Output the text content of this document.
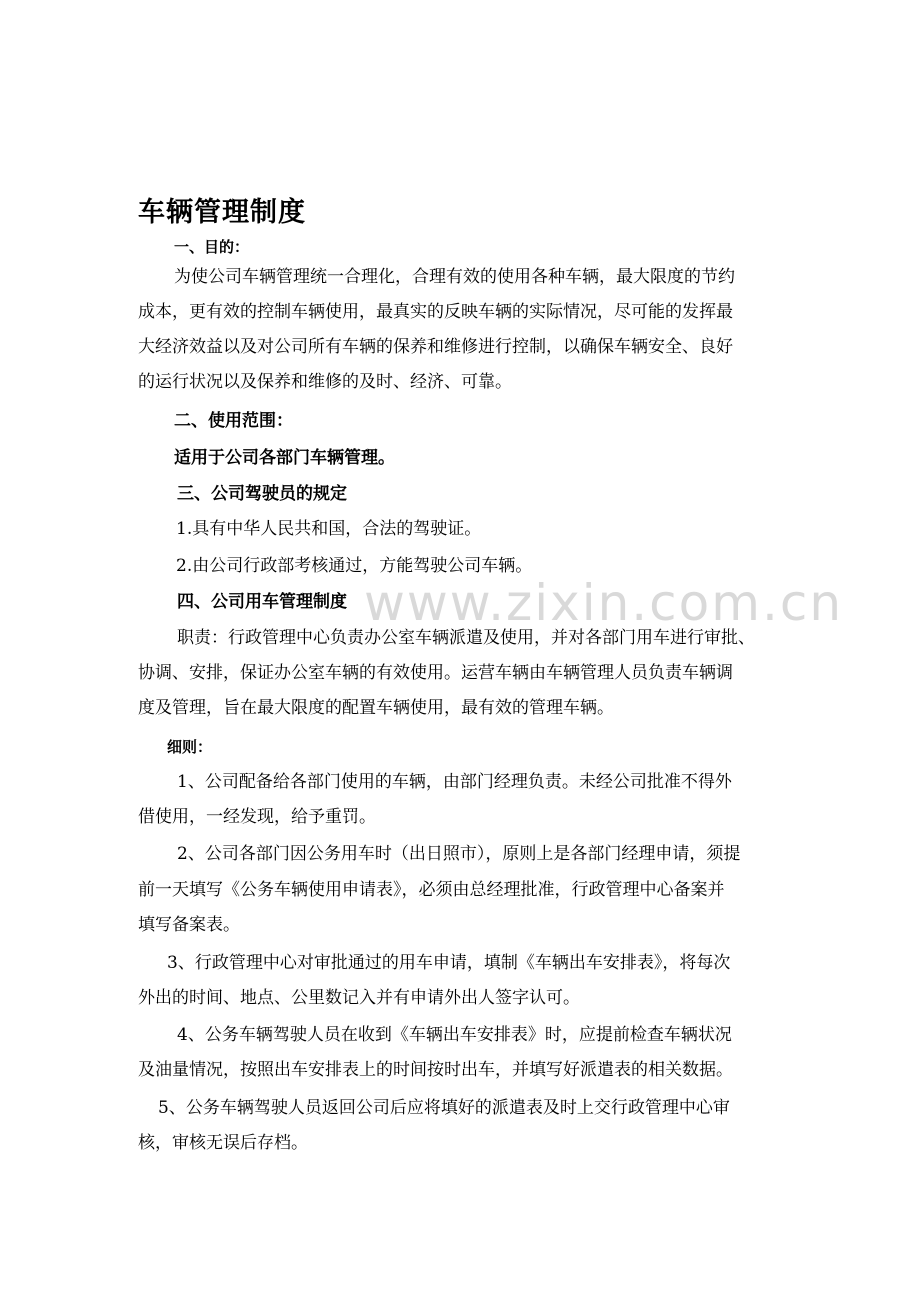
www.zixin.com.cn
车辆管理制度
一、目的：
为使公司车辆管理统一合理化，合理有效的使用各种车辆，最大限度的节约
成本，更有效的控制车辆使用，最真实的反映车辆的实际情况，尽可能的发挥最
大经济效益以及对公司所有车辆的保养和维修进行控制，以确保车辆安全、良好
的运行状况以及保养和维修的及时、经济、可靠。
二、使用范围：
适用于公司各部门车辆管理。
三、公司驾驶员的规定
1.具有中华人民共和国，合法的驾驶证。
2.由公司行政部考核通过，方能驾驶公司车辆。
四、公司用车管理制度
职责：行政管理中心负责办公室车辆派遣及使用，并对各部门用车进行审批、
协调、安排，保证办公室车辆的有效使用。运营车辆由车辆管理人员负责车辆调
度及管理，旨在最大限度的配置车辆使用，最有效的管理车辆。
细则：
1、公司配备给各部门使用的车辆，由部门经理负责。未经公司批准不得外
借使用，一经发现，给予重罚。
2、公司各部门因公务用车时（出日照市），原则上是各部门经理申请，须提
前一天填写《公务车辆使用申请表》，必须由总经理批准，行政管理中心备案并
填写备案表。
3、行政管理中心对审批通过的用车申请，填制《车辆出车安排表》，将每次
外出的时间、地点、公里数记入并有申请外出人签字认可。
4、公务车辆驾驶人员在收到《车辆出车安排表》时，应提前检查车辆状况
及油量情况，按照出车安排表上的时间按时出车，并填写好派遣表的相关数据。
5、公务车辆驾驶人员返回公司后应将填好的派遣表及时上交行政管理中心审
核，审核无误后存档。
